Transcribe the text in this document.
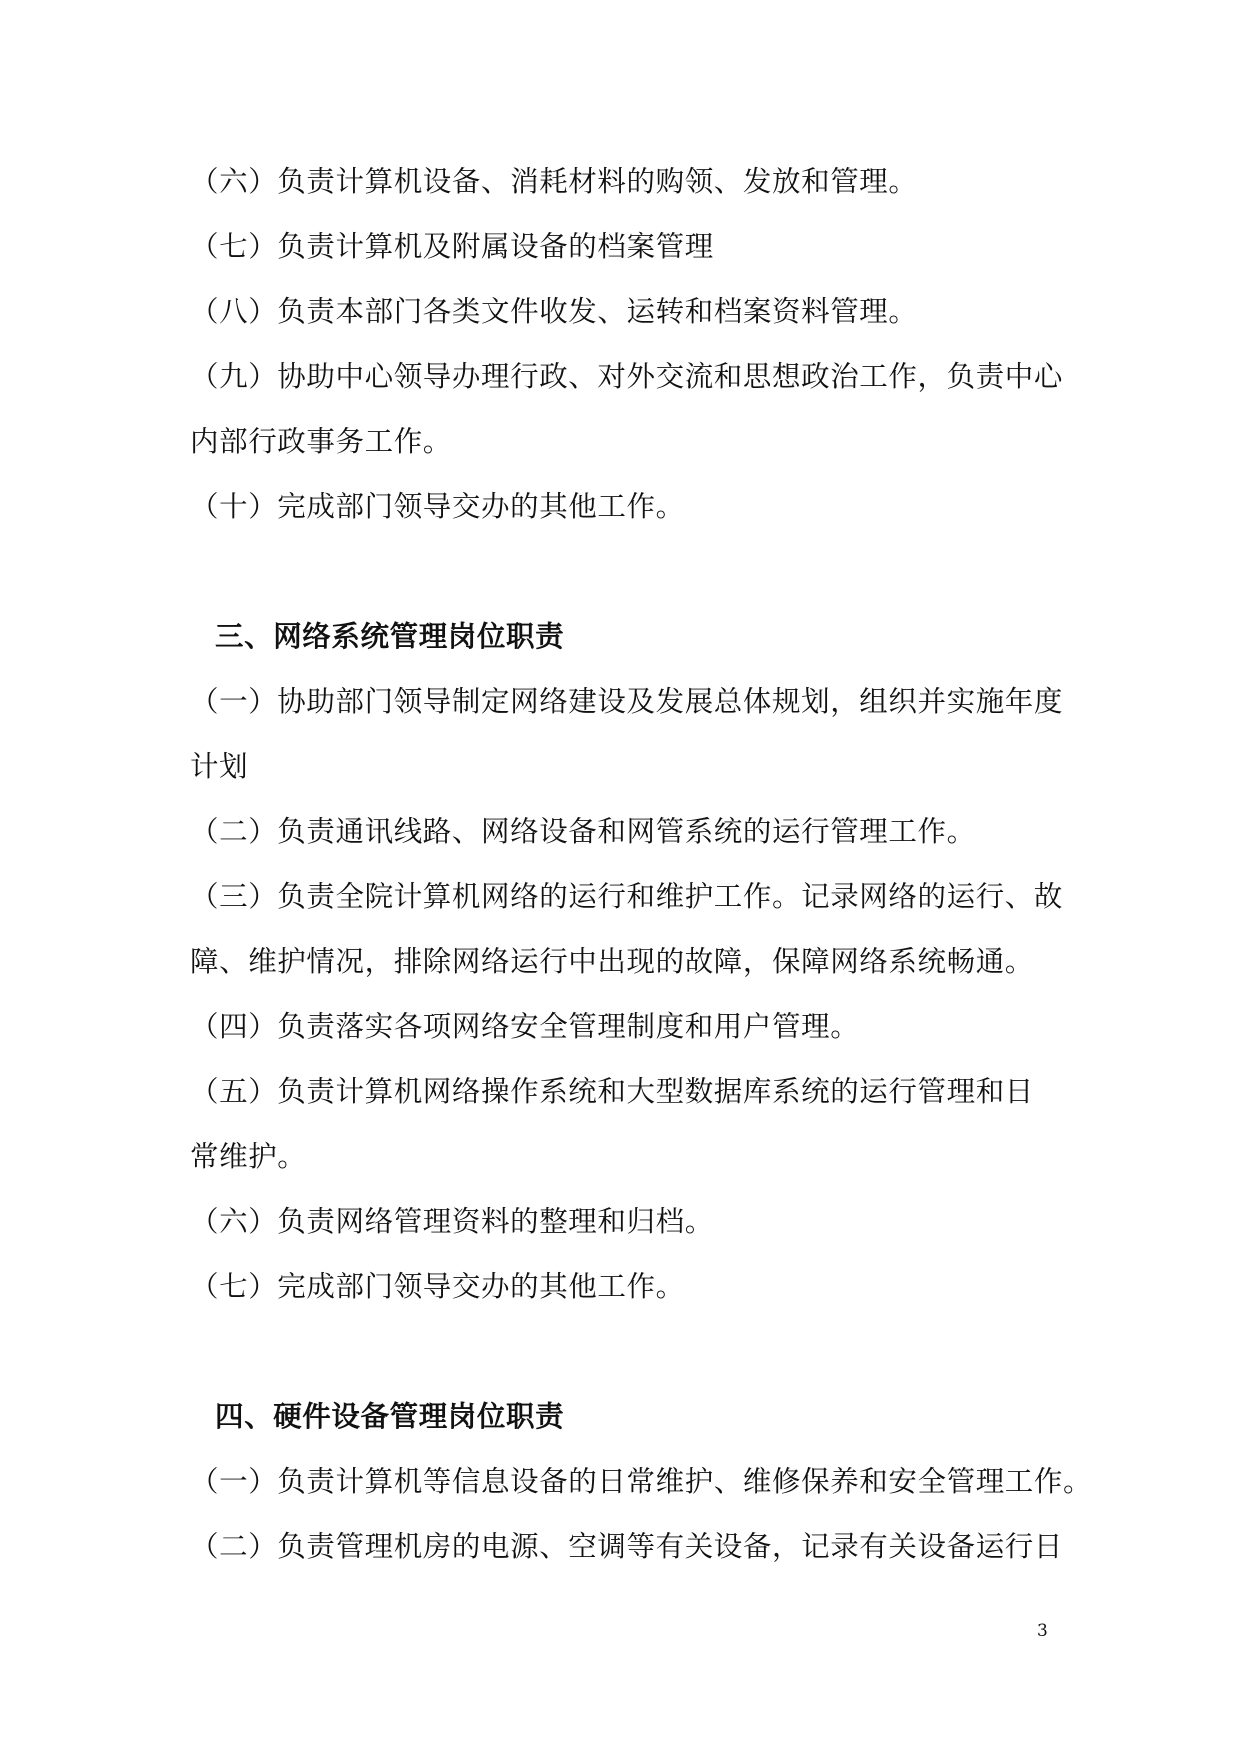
（六）负责计算机设备、消耗材料的购领、发放和管理。
（七）负责计算机及附属设备的档案管理
（八）负责本部门各类文件收发、运转和档案资料管理。
（九）协助中心领导办理行政、对外交流和思想政治工作，负责中心
内部行政事务工作。
（十）完成部门领导交办的其他工作。
三、网络系统管理岗位职责
（一）协助部门领导制定网络建设及发展总体规划，组织并实施年度
计划
（二）负责通讯线路、网络设备和网管系统的运行管理工作。
（三）负责全院计算机网络的运行和维护工作。记录网络的运行、故
障、维护情况，排除网络运行中出现的故障，保障网络系统畅通。
（四）负责落实各项网络安全管理制度和用户管理。
（五）负责计算机网络操作系统和大型数据库系统的运行管理和日
常维护。
（六）负责网络管理资料的整理和归档。
（七）完成部门领导交办的其他工作。
四、硬件设备管理岗位职责
（一）负责计算机等信息设备的日常维护、维修保养和安全管理工作。
（二）负责管理机房的电源、空调等有关设备，记录有关设备运行日
3
